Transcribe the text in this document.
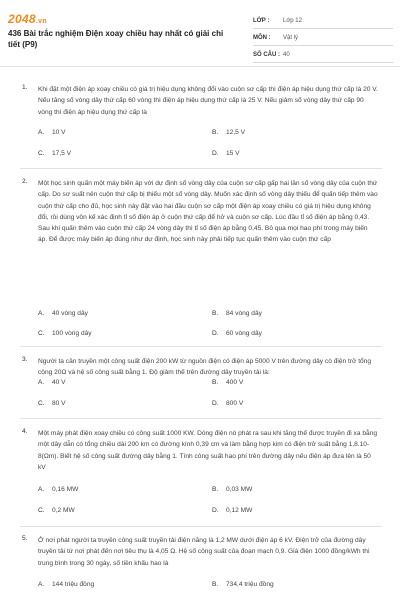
2048.vn
436 Bài trắc nghiệm Điện xoay chiều hay nhất có giải chi tiết (P9)
LỚP :	Lớp 12
MÔN :	Vật lý
SỐ CÂU : 40
1. Khi đặt một điện áp xoay chiều có giá trị hiệu dụng không đổi vào cuộn sơ cấp thì điện áp hiệu dụng thứ cấp là 20 V. Nếu tăng số vòng dây thứ cấp 60 vòng thì điện áp hiệu dụng thứ cấp là 25 V. Nếu giảm số vòng dây thứ cấp 90 vòng thì điện áp hiệu dụng thứ cấp là
A. 10 V	B. 12,5 V
C. 17,5 V	D. 15 V
2. Một học sinh quấn một máy biến áp với dự định số vòng dây của cuộn sơ cấp gấp hai lần số vòng dây của cuộn thứ cấp. Do sơ suất nên cuộn thứ cấp bị thiếu một số vòng dây. Muốn xác định số vòng dây thiếu để quấn tiếp thêm vào cuộn thứ cấp cho đủ, học sinh này đặt vào hai đầu cuộn sơ cấp một điện áp xoay chiều có giá trị hiệu dụng không đổi, rồi dùng vôn kế xác định tỉ số điện áp ở cuộn thứ cấp để hở và cuộn sơ cấp. Lúc đầu tỉ số điện áp bằng 0,43. Sau khi quấn thêm vào cuộn thứ cấp 24 vòng dây thì tỉ số điện áp bằng 0,45. Bỏ qua mọi hao phí trong máy biến áp. Để được máy biến áp đúng như dự định, học sinh này phải tiếp tục quấn thêm vào cuộn thứ cấp
A. 40 vòng dây	B. 84 vòng dây
C. 100 vòng dây	D. 60 vòng dây
3. Người ta cần truyền một công suất điện 200 kW từ nguồn điện có điện áp 5000 V trên đường dây có điện trở tổng cộng 20Ω và hệ số công suất bằng 1. Độ giảm thế trên đường dây truyền tải là:
A. 40 V	B. 400 V
C. 80 V	D. 800 V
4. Một máy phát điện xoay chiều có công suất 1000 KW. Dòng điện nó phát ra sau khi tăng thế được truyền đi xa bằng một dây dẫn có tổng chiều dài 200 km có đường kính 0,39 cm và làm bằng hợp kim có điện trở suất bằng 1,8.10-8(Ωm). Biết hệ số công suất đường dây bằng 1. Tính công suất hao phí trên đường dây nếu điện áp đưa lên là 50 kV
A. 0,16 MW	B. 0,03 MW
C. 0,2 MW	D. 0,12 MW
5. Ở nơi phát người ta truyền công suất truyền tải điện năng là 1,2 MW dưới điện áp 6 kV. Điện trở của đường dây truyền tải từ nơi phát đến nơi tiêu thụ là 4,05 Ω. Hệ số công suất của đoạn mạch 0,9. Giá điện 1000 đồng/kWh thì trung bình trong 30 ngày, số tiền khấu hao là
A. 144 triệu đồng	B. 734,4 triệu đồng
